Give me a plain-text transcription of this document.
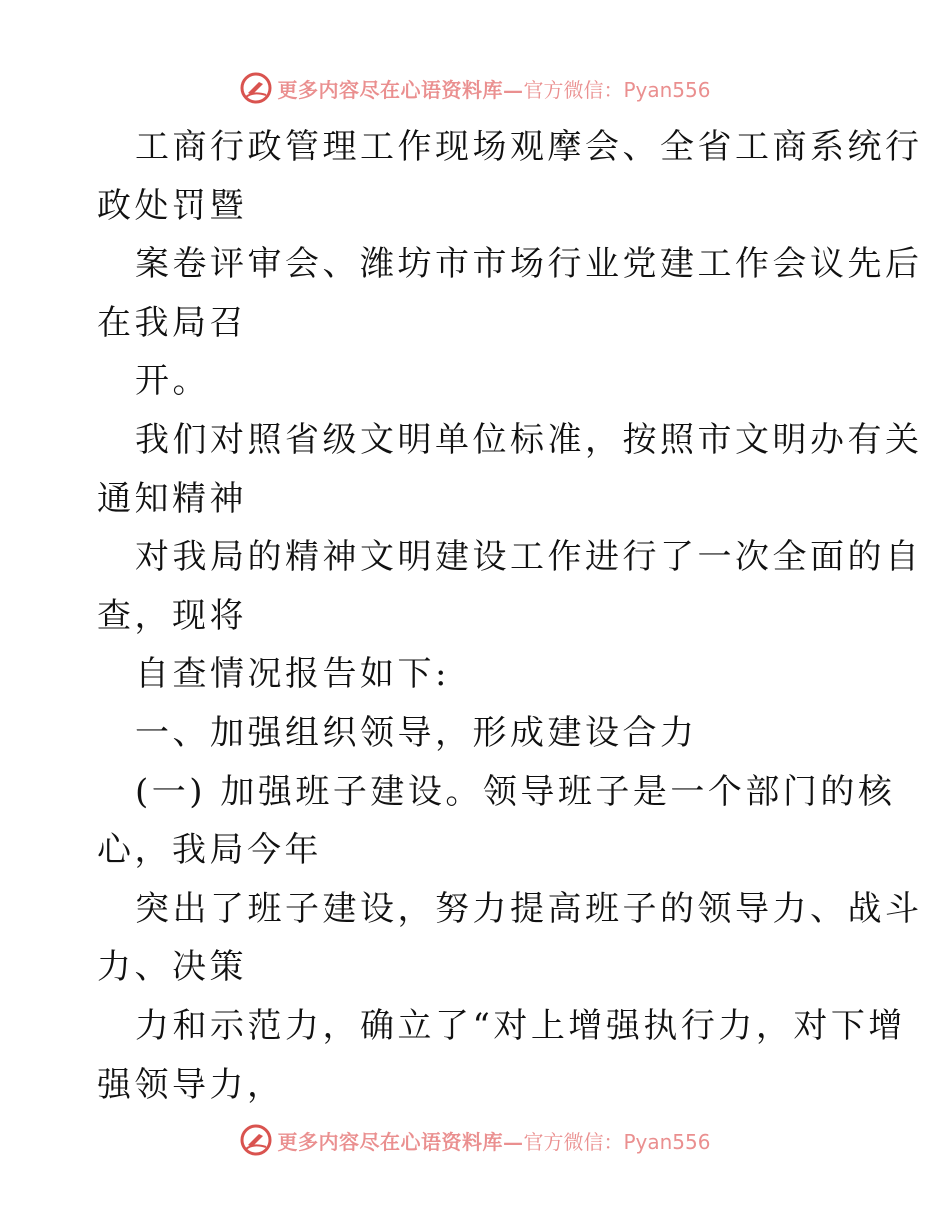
更多内容尽在心语资料库— 官方微信：Pyan556
工商行政管理工作现场观摩会、全省工商系统行
政处罚暨
案卷评审会、潍坊市市场行业党建工作会议先后
在我局召
开。
我们对照省级文明单位标准，按照市文明办有关
通知精神
对我局的精神文明建设工作进行了一次全面的自
查，现将
自查情况报告如下:
一、加强组织领导，形成建设合力
(一) 加强班子建设。领导班子是一个部门的核
心，我局今年
突出了班子建设，努力提高班子的领导力、战斗
力、决策
力和示范力，确立了“对上增强执行力，对下增
强领导力，
更多内容尽在心语资料库— 官方微信：Pyan556
